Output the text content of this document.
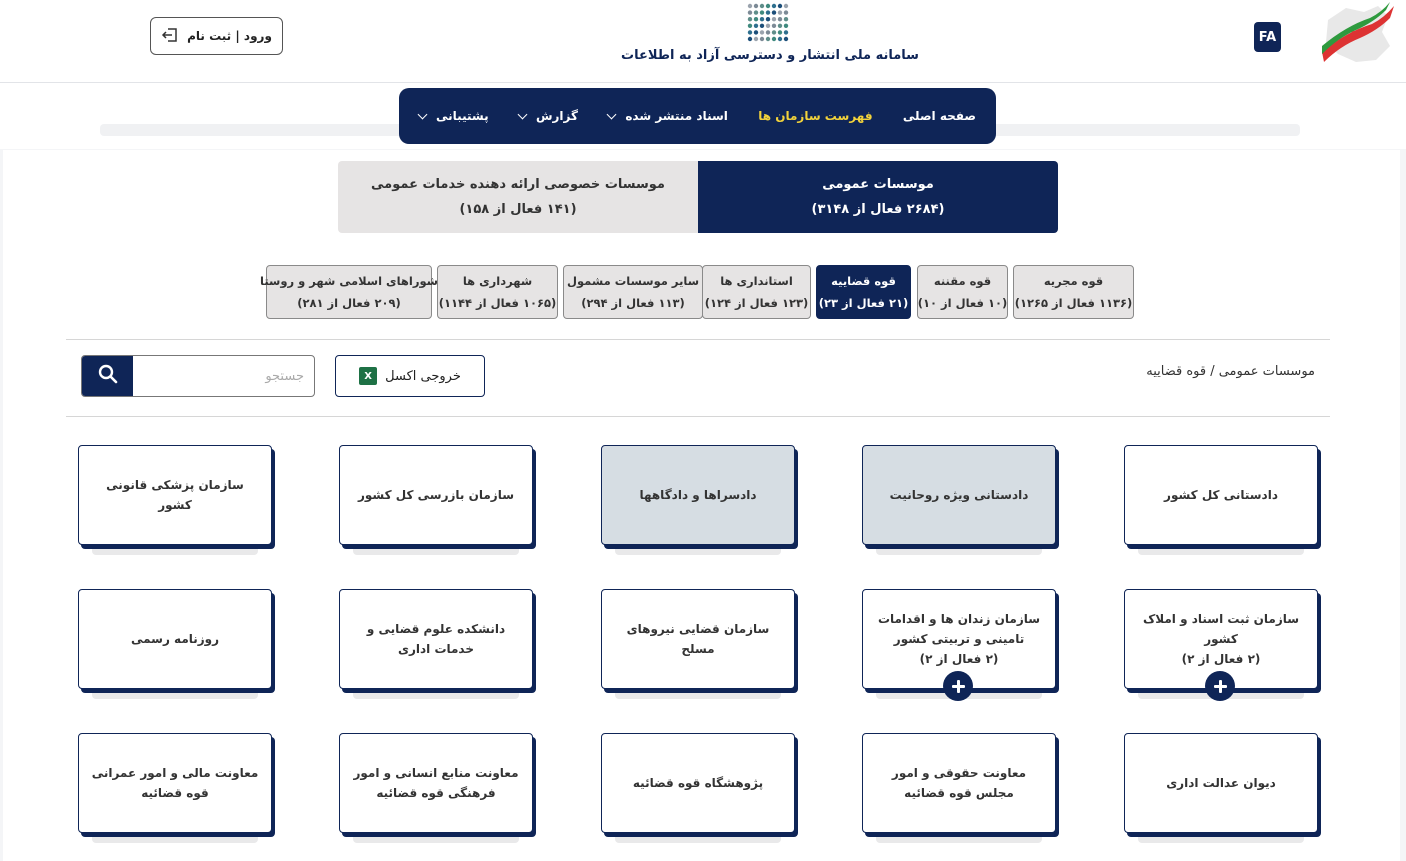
FA
سامانه ملی انتشار و دسترسی آزاد به اطلاعات
ورود | ثبت نام
صفحه اصلی
فهرست سازمان ها
اسناد منتشر شده
گزارش
پشتیبانی
موسسات عمومی
(۲۶۸۴ فعال از ۳۱۴۸)
موسسات خصوصی ارائه دهنده خدمات عمومی
(۱۴۱ فعال از ۱۵۸)
قوه مجریه
(۱۱۳۶ فعال از ۱۲۶۵)
قوه مقننه
(۱۰ فعال از ۱۰)
قوه قضاییه
(۲۱ فعال از ۲۳)
استانداری ها
(۱۲۳ فعال از ۱۲۴)
سایر موسسات مشمول
(۱۱۳ فعال از ۲۹۴)
شهرداری ها
(۱۰۶۵ فعال از ۱۱۴۴)
شوراهای اسلامی شهر و روستا
(۲۰۹ فعال از ۲۸۱)
موسسات عمومی / قوه قضاییه
خروجی اکسل
X
جستجو
دادستانی کل کشور
دادستانی ویژه روحانیت
دادسراها و دادگاهها
سازمان بازرسی کل کشور
سازمان پزشکی قانونی کشور
سازمان ثبت اسناد و املاک کشور
(۲ فعال از ۲)
سازمان زندان ها و اقدامات تامینی و تربیتی کشور
(۲ فعال از ۲)
سازمان قضایی نیروهای مسلح
دانشکده علوم قضایی و خدمات اداری
روزنامه رسمی
دیوان عدالت اداری
معاونت حقوقی و امور مجلس قوه قضائیه
پژوهشگاه قوه قضائیه
معاونت منابع انسانی و امور فرهنگی قوه قضائیه
معاونت مالی و امور عمرانی قوه قضائیه
